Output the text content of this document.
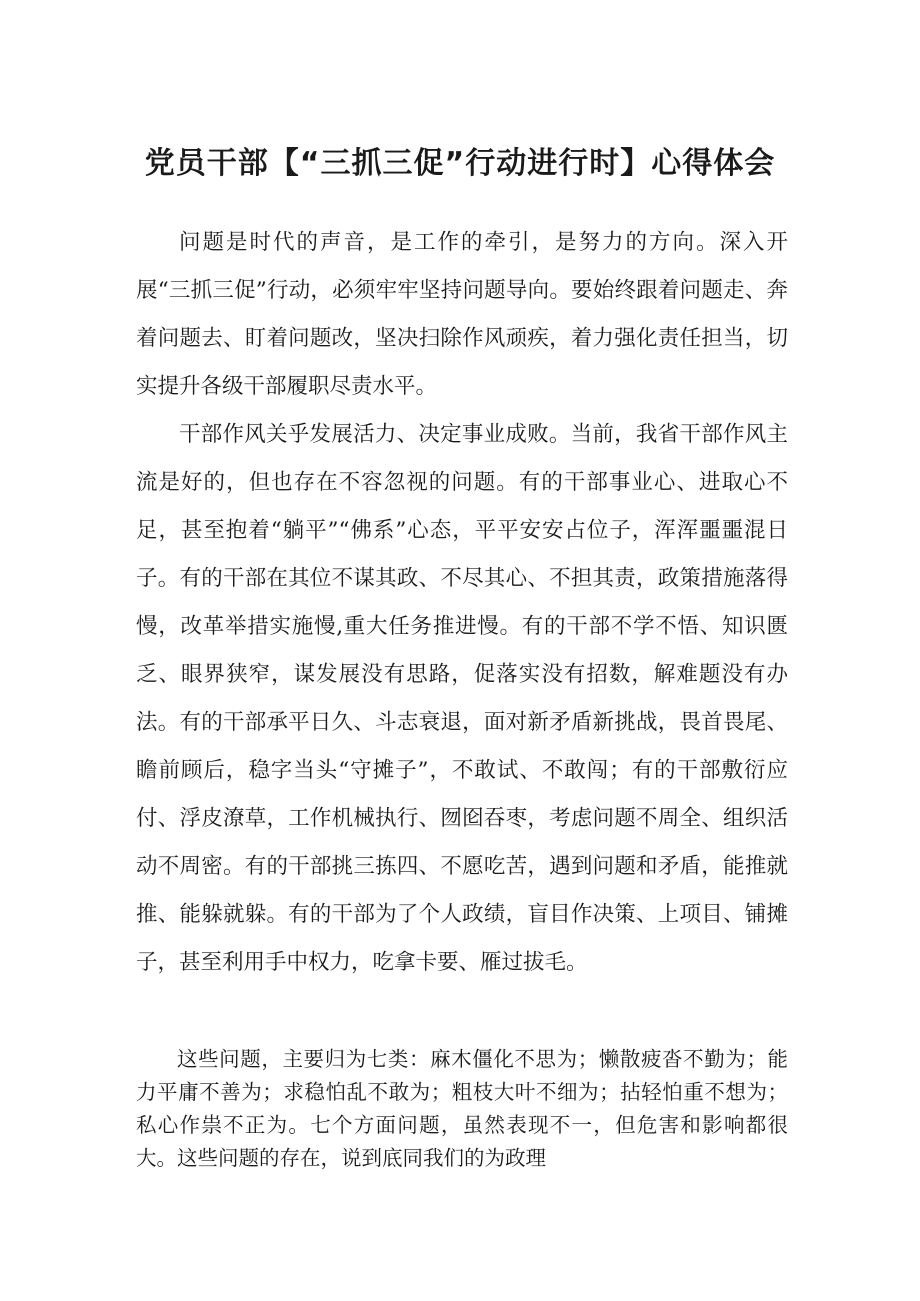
党员干部【“三抓三促”行动进行时】心得体会

问题是时代的声音，是工作的牵引，是努力的方向。深入开展“三抓三促”行动，必须牢牢坚持问题导向。要始终跟着问题走、奔着问题去、盯着问题改，坚决扫除作风顽疾，着力强化责任担当，切实提升各级干部履职尽责水平。

干部作风关乎发展活力、决定事业成败。当前，我省干部作风主流是好的，但也存在不容忽视的问题。有的干部事业心、进取心不足，甚至抱着“躺平”“佛系”心态，平平安安占位子，浑浑噩噩混日子。有的干部在其位不谋其政、不尽其心、不担其责，政策措施落得慢，改革举措实施慢,重大任务推进慢。有的干部不学不悟、知识匮乏、眼界狭窄，谋发展没有思路，促落实没有招数，解难题没有办法。有的干部承平日久、斗志衰退，面对新矛盾新挑战，畏首畏尾、瞻前顾后，稳字当头“守摊子”，不敢试、不敢闯；有的干部敷衍应付、浮皮潦草，工作机械执行、囫囵吞枣，考虑问题不周全、组织活动不周密。有的干部挑三拣四、不愿吃苦，遇到问题和矛盾，能推就推、能躲就躲。有的干部为了个人政绩，盲目作决策、上项目、铺摊子，甚至利用手中权力，吃拿卡要、雁过拔毛。

这些问题，主要归为七类：麻木僵化不思为；懒散疲沓不勤为；能力平庸不善为；求稳怕乱不敢为；粗枝大叶不细为；拈轻怕重不想为；私心作祟不正为。七个方面问题，虽然表现不一，但危害和影响都很大。这些问题的存在，说到底同我们的为政理
